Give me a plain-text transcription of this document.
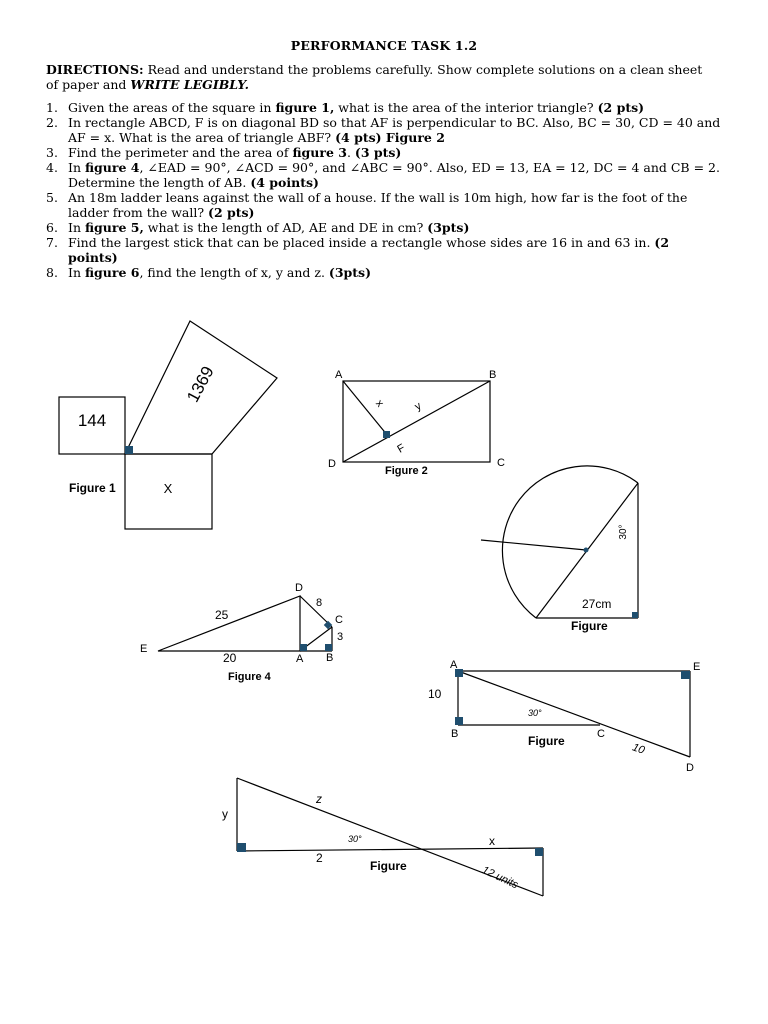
PERFORMANCE TASK 1.2
DIRECTIONS: Read and understand the problems carefully. Show complete solutions on a clean sheet of paper and WRITE LEGIBLY.
1. Given the areas of the square in figure 1, what is the area of the interior triangle? (2 pts)
2. In rectangle ABCD, F is on diagonal BD so that AF is perpendicular to BC. Also, BC = 30, CD = 40 and AF = x. What is the area of triangle ABF? (4 pts) Figure 2
3. Find the perimeter and the area of figure 3. (3 pts)
4. In figure 4, ∠EAD = 90°, ∠ACD = 90°, and ∠ABC = 90°. Also, ED = 13, EA = 12, DC = 4 and CB = 2. Determine the length of AB. (4 points)
5. An 18m ladder leans against the wall of a house. If the wall is 10m high, how far is the foot of the ladder from the wall? (2 pts)
6. In figure 5, what is the length of AD, AE and DE in cm? (3pts)
7. Find the largest stick that can be placed inside a rectangle whose sides are 16 in and 63 in. (2 points)
8. In figure 6, find the length of x, y and z. (3pts)
144
1369
X
Figure 1
A	B
C
D
F
x y
Figure 2
30°
27cm
Figure
E
A B
C
D
25
20
8
3
Figure 4
A
B	C
D
E
10
10
30°
Figure
y
z
x
2
30°
12 units
Figure
